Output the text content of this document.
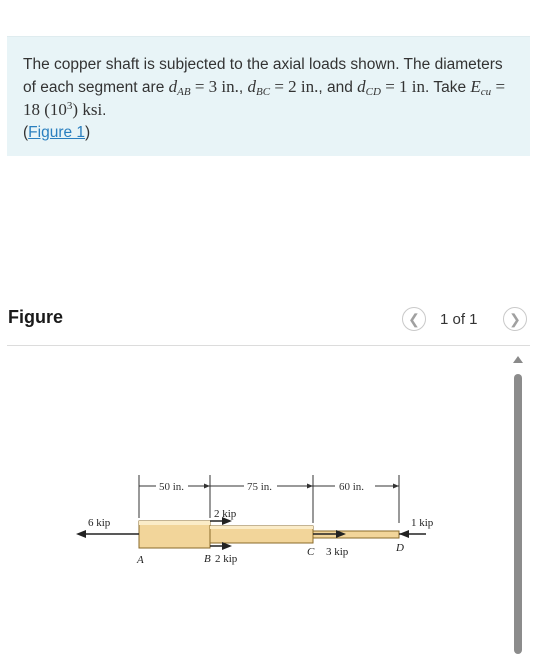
The copper shaft is subjected to the axial loads shown. The diameters of each segment are $d_{AB} = 3$ in., $d_{BC} = 2$ in., and $d_{CD} = 1$ in. Take $E_{cu} = 18$ $(10^3)$ ksi.

(Figure 1)

Figure	❮	1 of 1	❯
50 in.	75 in.	60 in.
6 kip
2 kip
2 kip
3 kip
1 kip
A	B
C	D
